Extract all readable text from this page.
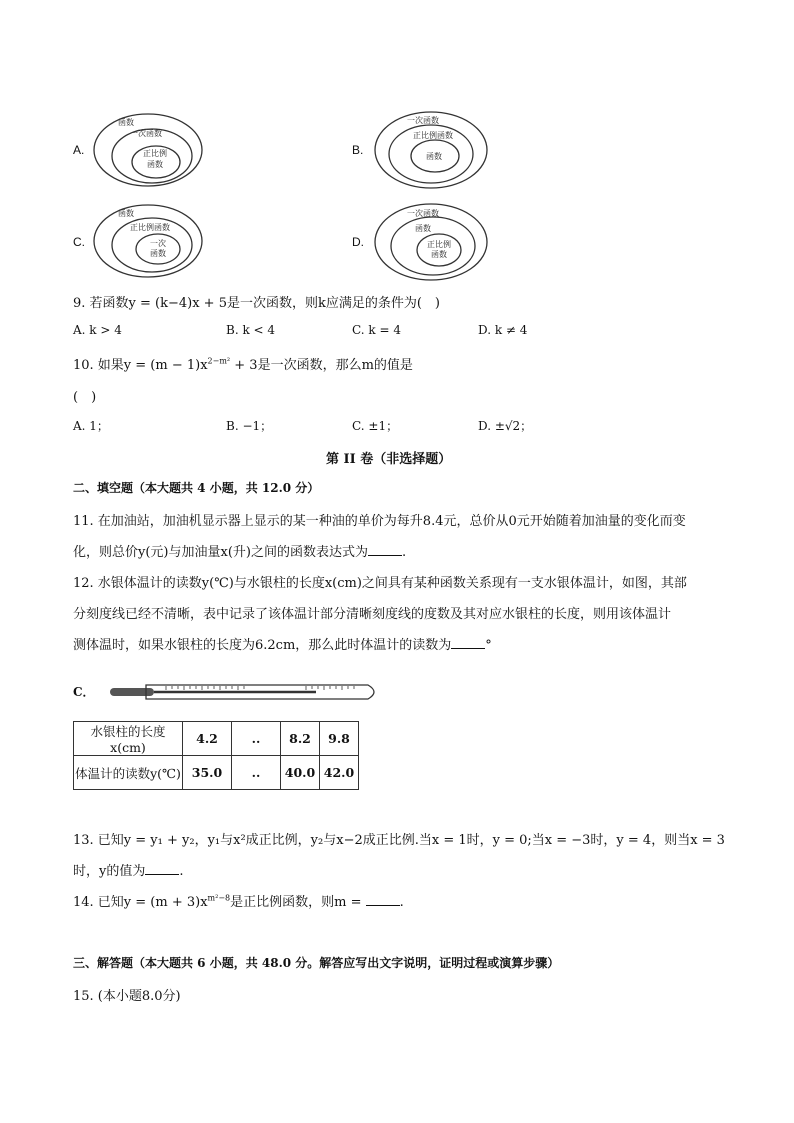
A.
函数
一次函数
正比例
函数
B.
一次函数
正比例函数
函数
C.
函数
正比例函数
一次
函数
D.
一次函数
函数
正比例
函数
9. 若函数y = (k−4)x + 5是一次函数，则k应满足的条件为(　)
A. k > 4	B. k < 4	C. k = 4	D. k ≠ 4
10. 如果$y = (m - 1)x^{2-m^2} + 3$是一次函数，那么m的值是
(　)
A. 1；	B. −1；	C. ±1；	D. ±√2；
第 II 卷（非选择题）
二、填空题（本大题共 4 小题，共 12.0 分）
11. 在加油站，加油机显示器上显示的某一种油的单价为每升8.4元，总价从0元开始随着加油量的变化而变
化，则总价y(元)与加油量x(升)之间的函数表达式为	.
12. 水银体温计的读数y(℃)与水银柱的长度x(cm)之间具有某种函数关系现有一支水银体温计，如图，其部
分刻度线已经不清晰，表中记录了该体温计部分清晰刻度线的度数及其对应水银柱的长度，则用该体温计
测体温时，如果水银柱的长度为6.2cm，那么此时体温计的读数为	°
C．
水银柱的长度x(cm)	4.2	..	8.2	9.8
体温计的读数y(℃)	35.0	..	40.0	42.0
13. 已知y = y₁ + y₂，y₁与x²成正比例，y₂与x−2成正比例.当x = 1时，y = 0;当x = −3时，y = 4，则当x = 3
时，y的值为	.
14. 已知$y = (m + 3)x^{m^2-8}$是正比例函数，则m =	.
三、解答题（本大题共 6 小题，共 48.0 分。解答应写出文字说明，证明过程或演算步骤）
15. (本小题8.0分)
